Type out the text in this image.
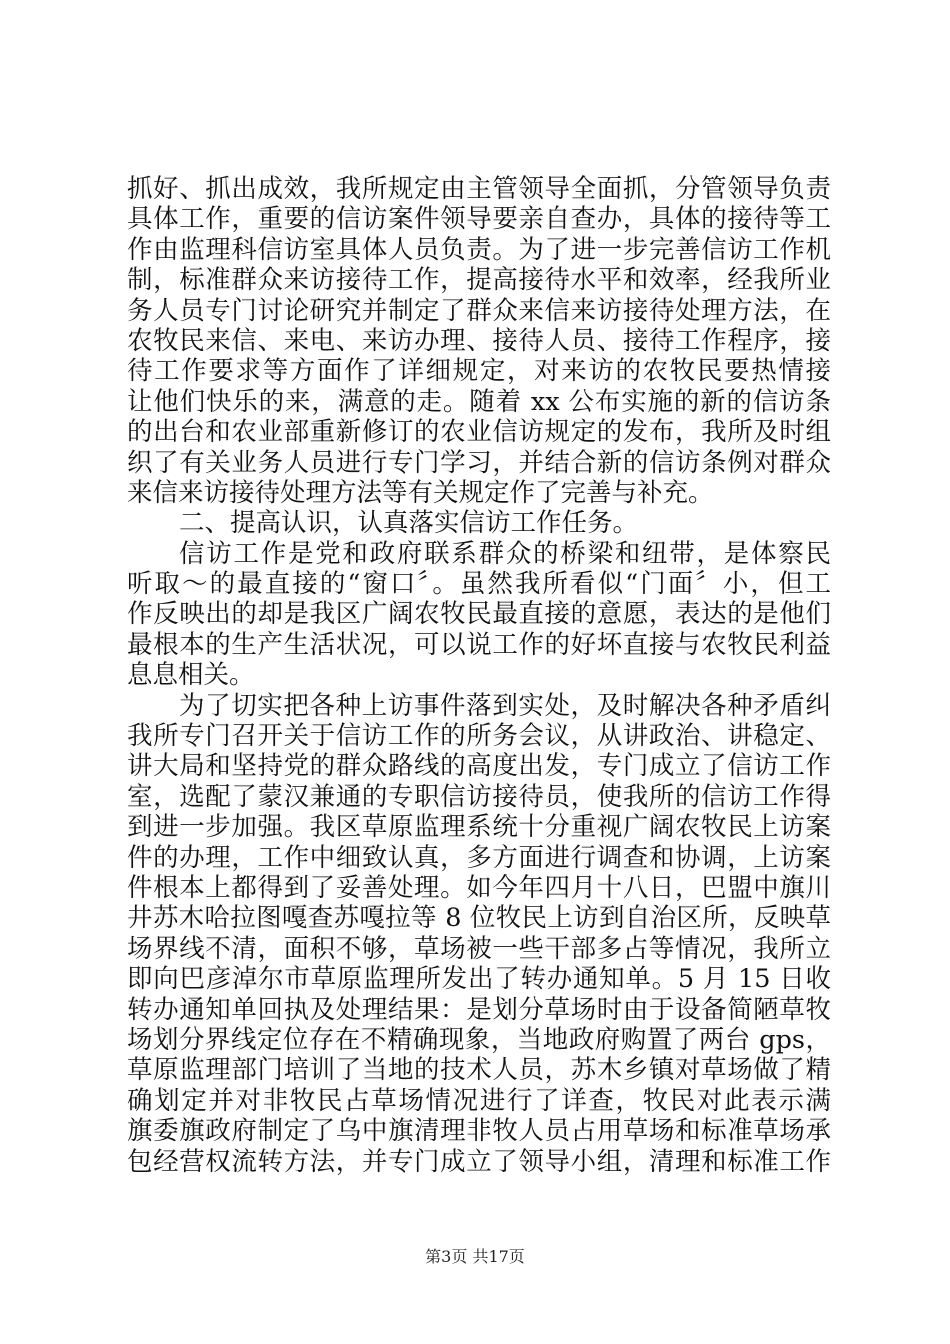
抓好、抓出成效，我所规定由主管领导全面抓，分管领导负责
具体工作，重要的信访案件领导要亲自查办，具体的接待等工
作由监理科信访室具体人员负责。为了进一步完善信访工作机
制，标准群众来访接待工作，提高接待水平和效率，经我所业
务人员专门讨论研究并制定了群众来信来访接待处理方法，在
农牧民来信、来电、来访办理、接待人员、接待工作程序，接
待工作要求等方面作了详细规定，对来访的农牧民要热情接
让他们快乐的来，满意的走。随着 xx 公布实施的新的信访条
的出台和农业部重新修订的农业信访规定的发布，我所及时组
织了有关业务人员进行专门学习，并结合新的信访条例对群众
来信来访接待处理方法等有关规定作了完善与补充。
二、提高认识，认真落实信访工作任务。
信访工作是党和政府联系群众的桥梁和纽带，是体察民
听取～的最直接的“窗口〞。虽然我所看似“门面〞小，但工
作反映出的却是我区广阔农牧民最直接的意愿，表达的是他们
最根本的生产生活状况，可以说工作的好坏直接与农牧民利益
息息相关。
为了切实把各种上访事件落到实处，及时解决各种矛盾纠
我所专门召开关于信访工作的所务会议，从讲政治、讲稳定、
讲大局和坚持党的群众路线的高度出发，专门成立了信访工作
室，选配了蒙汉兼通的专职信访接待员，使我所的信访工作得
到进一步加强。我区草原监理系统十分重视广阔农牧民上访案
件的办理，工作中细致认真，多方面进行调查和协调，上访案
件根本上都得到了妥善处理。如今年四月十八日，巴盟中旗川
井苏木哈拉图嘎查苏嘎拉等 8 位牧民上访到自治区所，反映草
场界线不清，面积不够，草场被一些干部多占等情况，我所立
即向巴彦淖尔市草原监理所发出了转办通知单。5 月 15 日收
转办通知单回执及处理结果：是划分草场时由于设备简陋草牧
场划分界线定位存在不精确现象，当地政府购置了两台 gps，
草原监理部门培训了当地的技术人员，苏木乡镇对草场做了精
确划定并对非牧民占草场情况进行了详查，牧民对此表示满
旗委旗政府制定了乌中旗清理非牧人员占用草场和标准草场承
包经营权流转方法，并专门成立了领导小组，清理和标准工作
第3页 共17页
